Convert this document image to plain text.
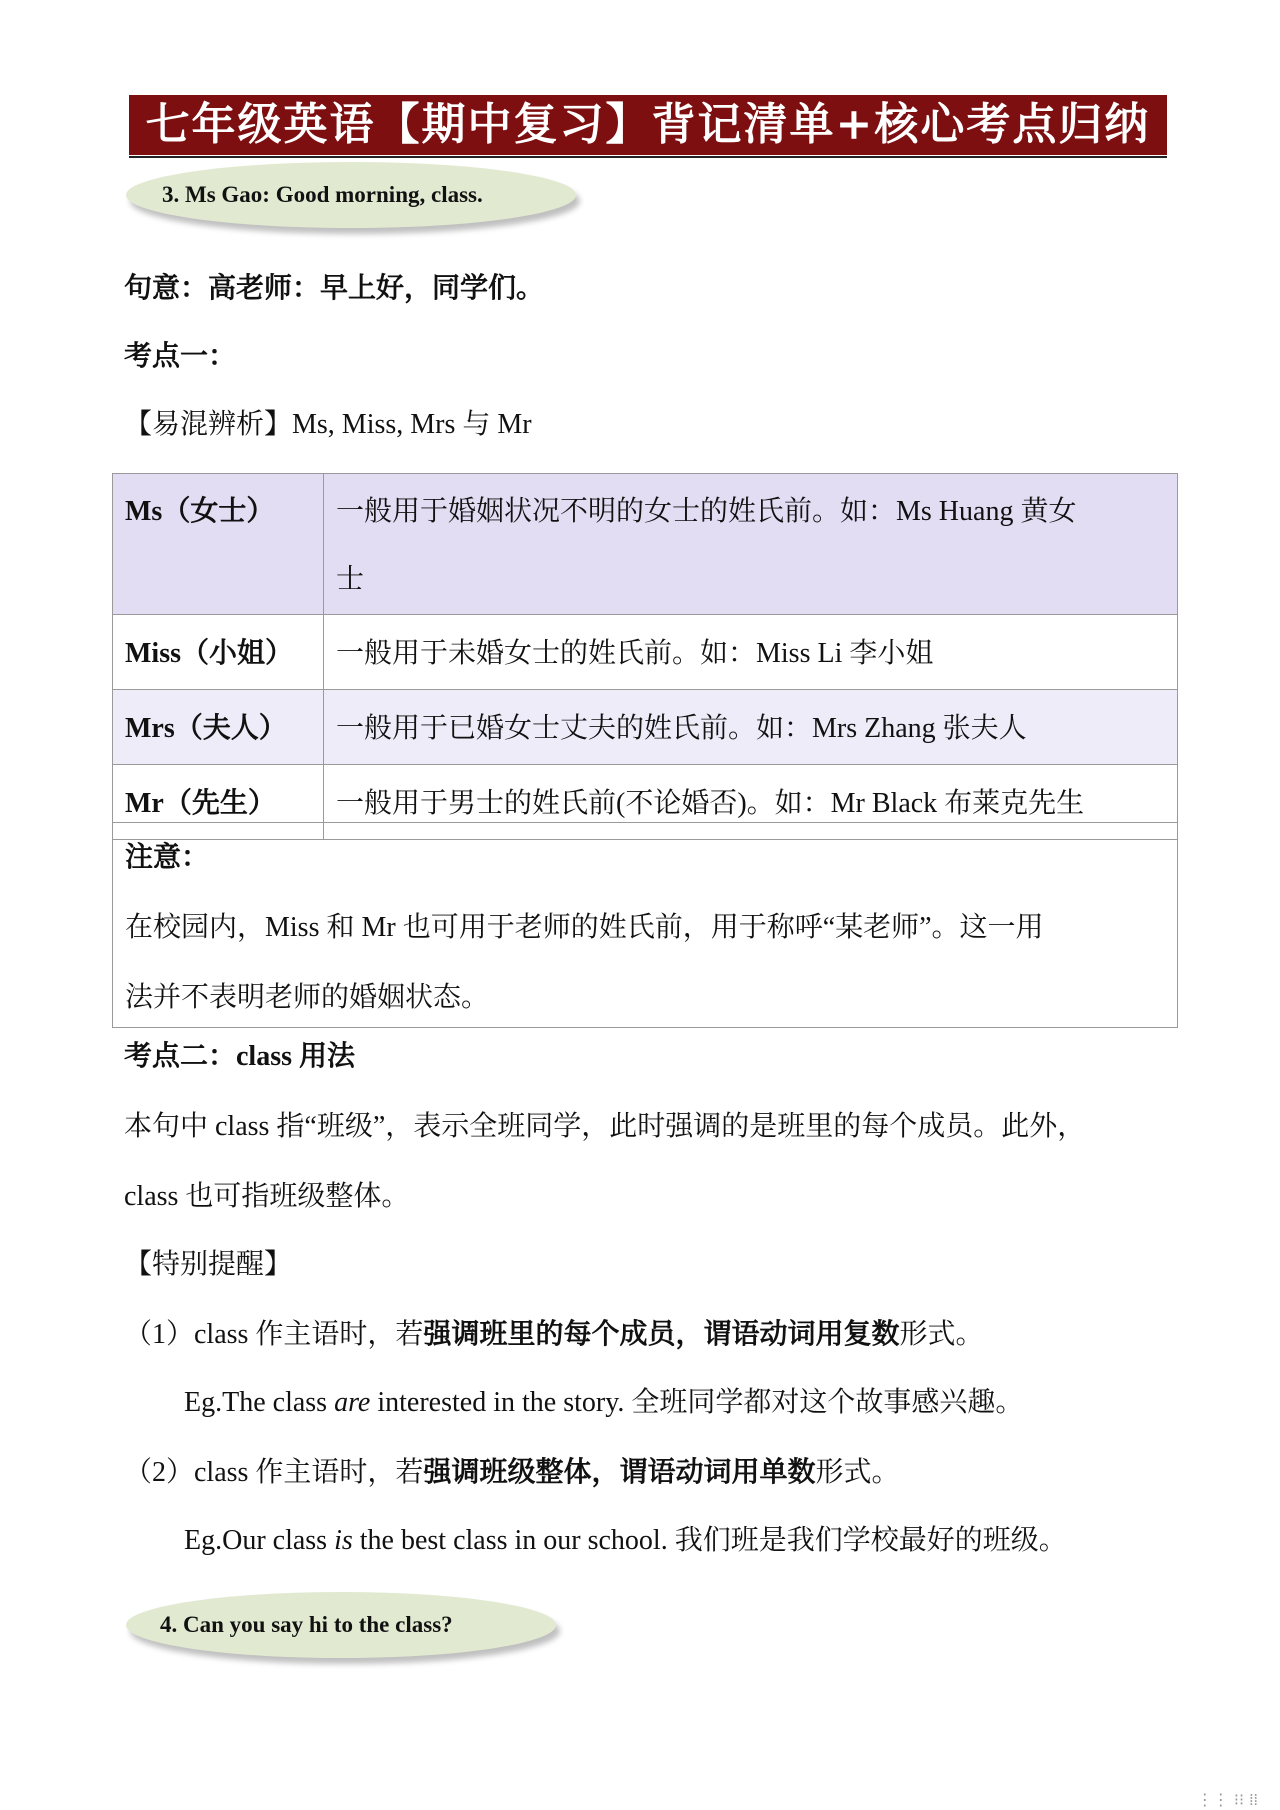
七年级英语【期中复习】背记清单+核心考点归纳
3. Ms Gao: Good morning, class.
句意：高老师：早上好，同学们。
考点一：
【易混辨析】Ms, Miss, Mrs 与 Mr
Ms（女士）	一般用于婚姻状况不明的女士的姓氏前。如：Ms Huang 黄女
士

Miss（小姐）	一般用于未婚女士的姓氏前。如：Miss Li 李小姐
Mrs（夫人）	一般用于已婚女士丈夫的姓氏前。如：Mrs Zhang 张夫人
Mr（先生）	一般用于男士的姓氏前(不论婚否)。如：Mr Black 布莱克先生
注意：
在校园内，Miss 和 Mr 也可用于老师的姓氏前，用于称呼“某老师”。这一用
法并不表明老师的婚姻状态。
考点二：class 用法
本句中 class 指“班级”，表示全班同学，此时强调的是班里的每个成员。此外，
class 也可指班级整体。
【特别提醒】
（1）class 作主语时，若强调班里的每个成员，谓语动词用复数形式。
Eg.The class are interested in the story. 全班同学都对这个故事感兴趣。
（2）class 作主语时，若强调班级整体，谓语动词用单数形式。
Eg.Our class is the best class in our school. 我们班是我们学校最好的班级。
4. Can you say hi to the class?
⋮⋮ ⁝⁝ ⁞⁞
